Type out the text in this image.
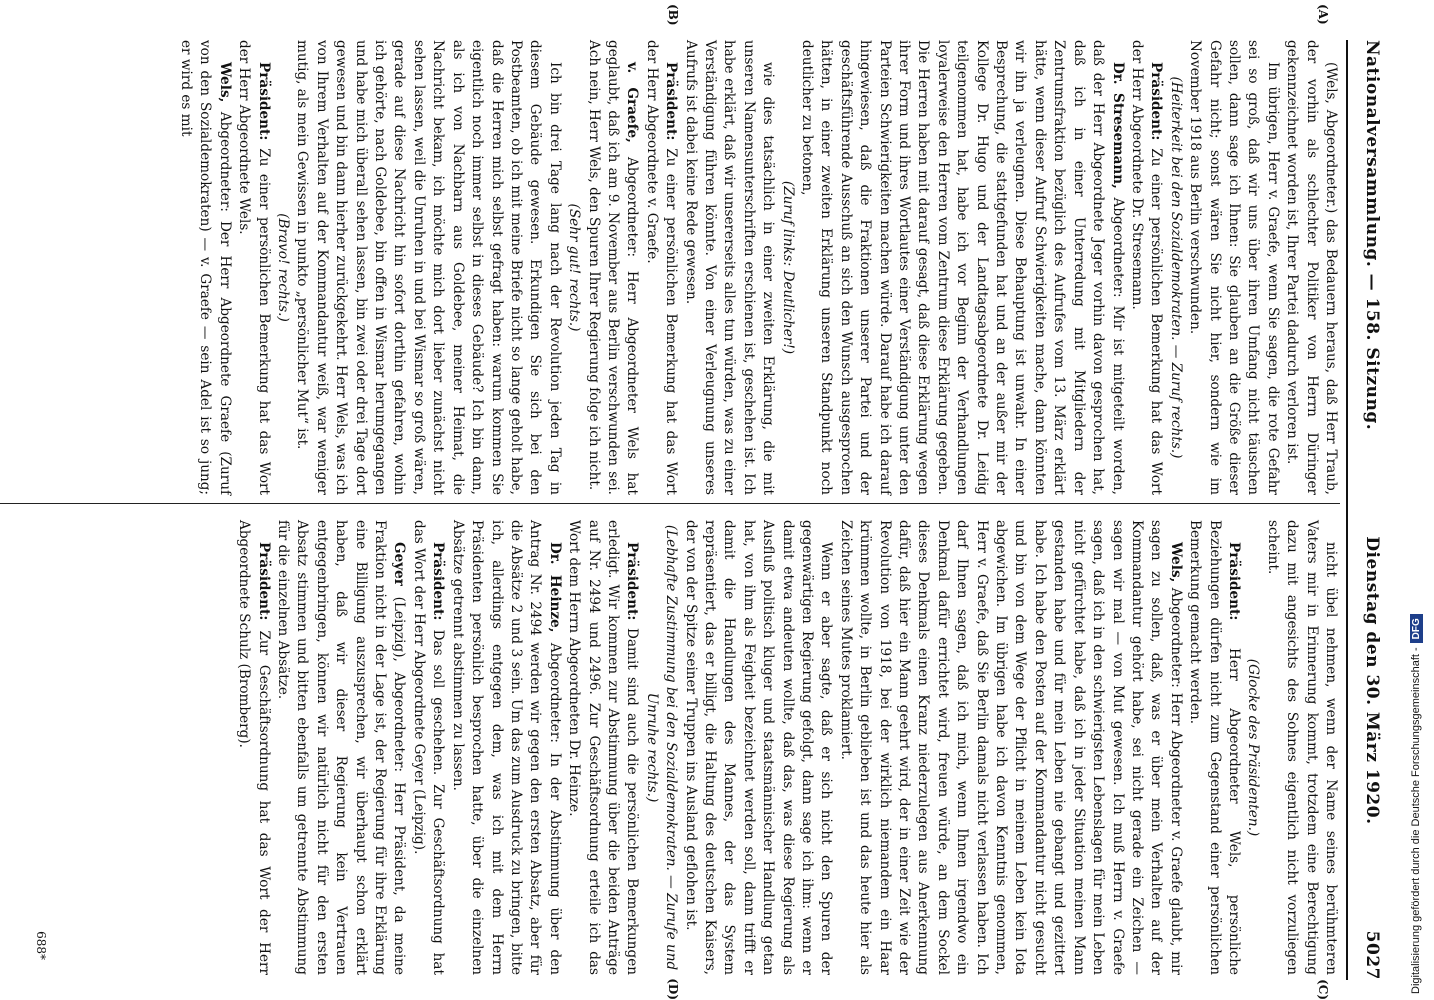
Nationalversammlung. — 158. Sitzung.
Dienstag den 30. März 1920.
5027

(Wels, Abgeordneter.) das Bedauern heraus, daß Herr Traub, der vorhin als schlechter Politiker von Herrn Düringer gekennzeichnet worden ist, Ihrer Partei dadurch verloren ist.

Im übrigen, Herr v. Graefe, wenn Sie sagen, die rote Gefahr sei so groß, daß wir uns über ihren Umfang nicht täuschen sollen, dann sage ich Ihnen: Sie glauben an die Größe dieser Gefahr nicht; sonst wären Sie nicht hier, sondern wie im November 1918 aus Berlin verschwunden.

(Heiterkeit bei den Sozialdemokraten. — Zuruf rechts.)

Präsident: Zu einer persönlichen Bemerkung hat das Wort der Herr Abgeordnete Dr. Stresemann.

Dr. Stresemann, Abgeordneter: Mir ist mitgeteilt worden, daß der Herr Abgeordnete Jeger vorhin davon gesprochen hat, daß ich in einer Unterredung mit Mitgliedern der Zentrumsfraktion bezüglich des Aufrufes vom 13. März erklärt hätte, wenn dieser Aufruf Schwierigkeiten mache, dann könnten wir ihn ja verleugnen. Diese Behauptung ist unwahr. In einer Besprechung, die stattgefunden hat und an der außer mir der Kollege Dr. Hugo und der Landtagsabgeordnete Dr. Leidig teilgenommen hat, habe ich vor Beginn der Verhandlungen loyalerweise den Herren vom Zentrum diese Erklärung gegeben. Die Herren haben mit darauf gesagt, daß diese Erklärung wegen ihrer Form und ihres Wortlautes einer Verständigung unter den Parteien Schwierigkeiten machen würde. Darauf habe ich darauf hingewiesen, daß die Fraktionen unserer Partei und der geschäftsführende Ausschuß an sich den Wunsch ausgesprochen hätten, in einer zweiten Erklärung unseren Standpunkt noch deutlicher zu betonen,

(Zuruf links: Deutlicher!)

wie dies tatsächlich in einer zweiten Erklärung, die mit unseren Namensunterschriften erschienen ist, geschehen ist. Ich habe erklärt, daß wir unsererseits alles tun würden, was zu einer Verständigung führen könnte. Von einer Verleugnung unseres Aufrufs ist dabei keine Rede gewesen.

Präsident: Zu einer persönlichen Bemerkung hat das Wort der Herr Abgeordnete v. Graefe.

v. Graefe, Abgeordneter: Herr Abgeordneter Wels hat geglaubt, daß ich am 9. November aus Berlin verschwunden sei. Ach nein, Herr Wels, den Spuren Ihrer Regierung folge ich nicht.

(Sehr gut! rechts.)

Ich bin drei Tage lang nach der Revolution jeden Tag in diesem Gebäude gewesen. Erkundigen Sie sich bei den Postbeamten, ob ich mit meine Briefe nicht so lange geholt habe, daß die Herren mich selbst gefragt haben: warum kommen Sie eigentlich noch immer selbst in dieses Gebäude? Ich bin dann, als ich von Nachbarn aus Goldebee, meiner Heimat, die Nachricht bekam, ich möchte mich dort lieber zunächst nicht sehen lassen, weil die Unruhen in und bei Wismar so groß wären, gerade auf diese Nachricht hin sofort dorthin gefahren, wohin ich gehörte, nach Goldebee, bin offen in Wismar herumgegangen und habe mich überall sehen lassen, bin zwei oder drei Tage dort gewesen und bin dann hierher zurückgekehrt. Herr Wels, was ich von Ihrem Verhalten auf der Kommandantur weiß, war weniger mutig, als mein Gewissen in punkto „persönlicher Mut“ ist.

(Bravo! rechts.)

Präsident: Zu einer persönlichen Bemerkung hat das Wort der Herr Abgeordnete Wels.

Wels, Abgeordneter: Der Herr Abgeordnete Graefe (Zuruf von den Sozialdemokraten) — v. Graefe — sein Adel ist so jung; er wird es mit

nicht übel nehmen, wenn der Name seines berühmteren Vaters mir in Erinnerung kommt, trotzdem eine Berechtigung dazu mit angesichts des Sohnes eigentlich nicht vorzuliegen scheint.

(Glocke des Präsidenten.)

Präsident: Herr Abgeordneter Wels, persönliche Beziehungen dürfen nicht zum Gegenstand einer persönlichen Bemerkung gemacht werden.

Wels, Abgeordneter: Herr Abgeordneter v. Graefe glaubt, mir sagen zu sollen, daß, was er über mein Verhalten auf der Kommandantur gehört habe, sei nicht gerade ein Zeichen — sagen wir mal — von Mut gewesen. Ich muß Herrn v. Graefe sagen, daß ich in den schwierigsten Lebenslagen für mein Leben nicht gefürchtet habe, daß ich in jeder Situation meinen Mann gestanden habe und für mein Leben nie gebangt und gezittert habe. Ich habe den Posten auf der Kommandantur nicht gesucht und bin von dem Wege der Pflicht in meinem Leben kein Iota abgewichen. Im übrigen habe ich davon Kenntnis genommen, Herr v. Graefe, daß Sie Berlin damals nicht verlassen haben. Ich darf Ihnen sagen, daß ich mich, wenn Ihnen irgendwo ein Denkmal dafür errichtet wird, freuen würde, an dem Sockel dieses Denkmals einen Kranz niederzulegen aus Anerkennung dafür, daß hier ein Mann geehrt wird, der in einer Zeit wie der Revolution von 1918, bei der wirklich niemandem ein Haar krümmen wollte, in Berlin geblieben ist und das heute hier als Zeichen seines Mutes proklamiert.

Wenn er aber sagte, daß er sich nicht den Spuren der gegenwärtigen Regierung gefolgt, dann sage ich ihm: wenn er damit etwa andeuten wollte, daß das, was diese Regierung als Ausfluß politisch kluger und staatsmännischer Handlung getan hat, von ihm als Feigheit bezeichnet werden soll, dann trifft er damit die Handlungen des Mannes, der das System repräsentiert, das er billigt, die Haltung des deutschen Kaisers, der von der Spitze seiner Truppen ins Ausland geflohen ist.

(Lebhafte Zustimmung bei den Sozialdemokraten. — Zurufe und Unruhe rechts.)

Präsident: Damit sind auch die persönlichen Bemerkungen erledigt. Wir kommen zur Abstimmung über die beiden Anträge auf Nr. 2494 und 2496. Zur Geschäftsordnung erteile ich das Wort dem Herrn Abgeordneten Dr. Heinze.

Dr. Heinze, Abgeordneter: In der Abstimmung über den Antrag Nr. 2494 werden wir gegen den ersten Absatz, aber für die Absätze 2 und 3 sein. Um das zum Ausdruck zu bringen, bitte ich, allerdings entgegen dem, was ich mit dem Herrn Präsidenten persönlich besprochen hatte, über die einzelnen Absätze getrennt abstimmen zu lassen.

Präsident: Das soll geschehen. Zur Geschäftsordnung hat das Wort der Herr Abgeordnete Geyer (Leipzig).

Geyer (Leipzig), Abgeordneter: Herr Präsident, da meine Fraktion nicht in der Lage ist, der Regierung für ihre Erklärung eine Billigung auszusprechen, wir überhaupt schon erklärt haben, daß wir dieser Regierung kein Vertrauen entgegenbringen, können wir natürlich nicht für den ersten Absatz stimmen und bitten ebenfalls um getrennte Abstimmung für die einzelnen Absätze.

Präsident: Zur Geschäftsordnung hat das Wort der Herr Abgeordnete Schulz (Bromberg).

(A)
(B)
(C)
(D)
688*	Digitalisierung gefördert durch die Deutsche Forschungsgemeinschaft -DFG
